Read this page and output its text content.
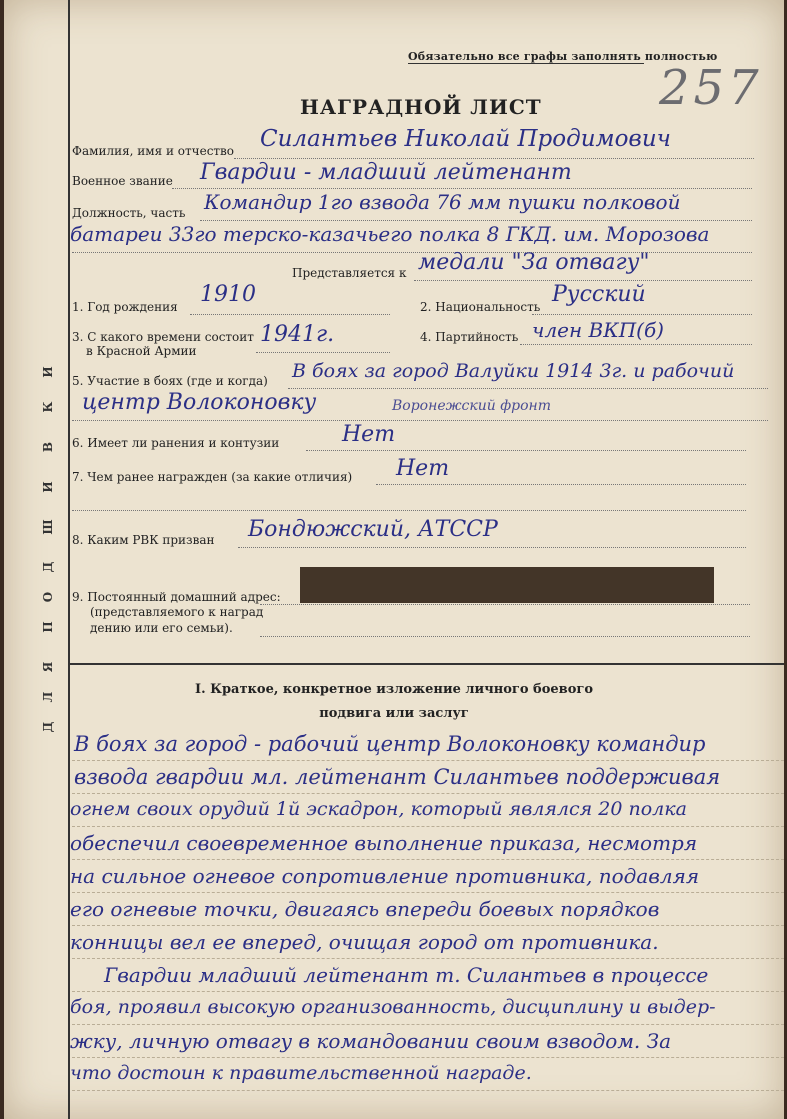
Д
Л
Я
П
О
Д
Ш
И
В
К
И
Обязательно все графы заполнять полностью
257
НАГРАДНОЙ ЛИСТ
Фамилия, имя и отчество Силантьев Николай Продимович
Военное звание Гвардии - младший лейтенант
Должность, часть Командир 1го взвода 76 мм пушки полковой
батареи 33го терско-казачьего полка 8 ГКД. им. Морозова
Представляется к медали "За отвагу"
1. Год рождения 1910	2. Национальность Русский
3. С какого времени состоит
в Красной Армии
1941г.	4. Партийность член ВКП(б)
5. Участие в боях (где и когда) В боях за город Валуйки 1914 3г. и рабочий
центр Волоконовку	Воронежский фронт
6. Имеет ли ранения и контузии	Нет
7. Чем ранее награжден (за какие отличия) Нет
8. Каким РВК призван Бондюжский, АТССР
9. Постоянный домашний адрес:
(представляемого к наград
дению или его семьи).
I. Краткое, конкретное изложение личного боевого
подвига или заслуг
В боях за город - рабочий центр Волоконовку командир
взвода гвардии мл. лейтенант Силантьев поддерживая
огнем своих орудий 1й эскадрон, который являлся 20 полка
обеспечил своевременное выполнение приказа, несмотря
на сильное огневое сопротивление противника, подавляя
его огневые точки, двигаясь впереди боевых порядков
конницы вел ее вперед, очищая город от противника.
Гвардии младший лейтенант т. Силантьев в процессе
боя, проявил высокую организованность, дисциплину и выдер-
жку, личную отвагу в командовании своим взводом. За
что достоин к правительственной награде.
